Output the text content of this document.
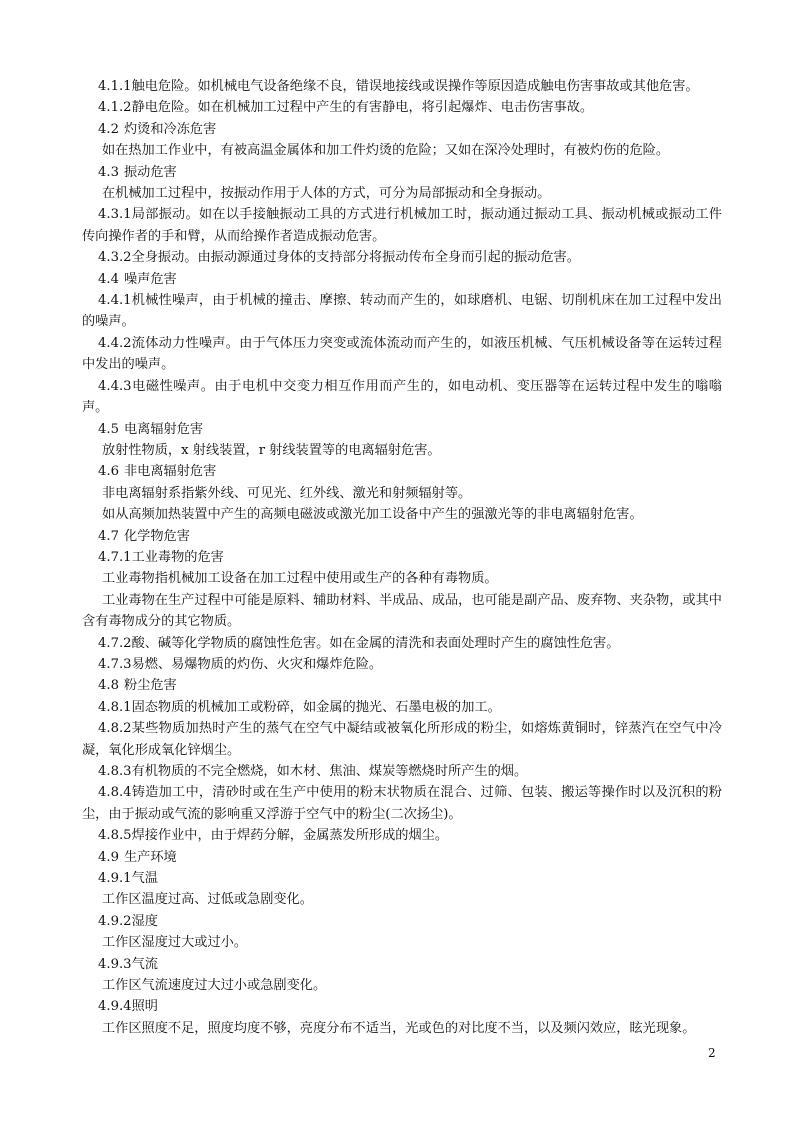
4.1.1触电危险。如机械电气设备绝缘不良，错误地接线或误操作等原因造成触电伤害事故或其他危害。

4.1.2静电危险。如在机械加工过程中产生的有害静电，将引起爆炸、电击伤害事故。

4.2 灼烫和冷冻危害

如在热加工作业中，有被高温金属体和加工件灼烫的危险；又如在深冷处理时，有被灼伤的危险。

4.3 振动危害

在机械加工过程中，按振动作用于人体的方式，可分为局部振动和全身振动。

4.3.1局部振动。如在以手接触振动工具的方式进行机械加工时，振动通过振动工具、振动机械或振动工件传向操作者的手和臂，从而给操作者造成振动危害。

4.3.2全身振动。由振动源通过身体的支持部分将振动传布全身而引起的振动危害。

4.4 噪声危害

4.4.1机械性噪声，由于机械的撞击、摩擦、转动而产生的，如球磨机、电锯、切削机床在加工过程中发出的噪声。

4.4.2流体动力性噪声。由于气体压力突变或流体流动而产生的，如液压机械、气压机械设备等在运转过程中发出的噪声。

4.4.3电磁性噪声。由于电机中交变力相互作用而产生的，如电动机、变压器等在运转过程中发生的嗡嗡声。

4.5 电离辐射危害

放射性物质，x 射线装置，r 射线装置等的电离辐射危害。

4.6 非电离辐射危害

非电离辐射系指紫外线、可见光、红外线、激光和射频辐射等。

如从高频加热装置中产生的高频电磁波或激光加工设备中产生的强激光等的非电离辐射危害。

4.7 化学物危害

4.7.1工业毒物的危害

工业毒物指机械加工设备在加工过程中使用或生产的各种有毒物质。

工业毒物在生产过程中可能是原料、辅助材料、半成品、成品，也可能是副产品、废弃物、夹杂物，或其中含有毒物成分的其它物质。

4.7.2酸、碱等化学物质的腐蚀性危害。如在金属的清洗和表面处理时产生的腐蚀性危害。

4.7.3易燃、易爆物质的灼伤、火灾和爆炸危险。

4.8 粉尘危害

4.8.1固态物质的机械加工或粉碎，如金属的抛光、石墨电极的加工。

4.8.2某些物质加热时产生的蒸气在空气中凝结或被氧化所形成的粉尘，如熔炼黄铜时，锌蒸汽在空气中冷凝，氧化形成氧化锌烟尘。

4.8.3有机物质的不完全燃烧，如木材、焦油、煤炭等燃烧时所产生的烟。

4.8.4铸造加工中，清砂时或在生产中使用的粉末状物质在混合、过筛、包装、搬运等操作时以及沉积的粉尘，由于振动或气流的影响重又浮游于空气中的粉尘(二次扬尘)。

4.8.5焊接作业中，由于焊药分解，金属蒸发所形成的烟尘。

4.9 生产环境

4.9.1气温

工作区温度过高、过低或急剧变化。

4.9.2湿度

工作区湿度过大或过小。

4.9.3气流

工作区气流速度过大过小或急剧变化。

4.9.4照明

工作区照度不足，照度均度不够，亮度分布不适当，光或色的对比度不当，以及频闪效应，眩光现象。

2
